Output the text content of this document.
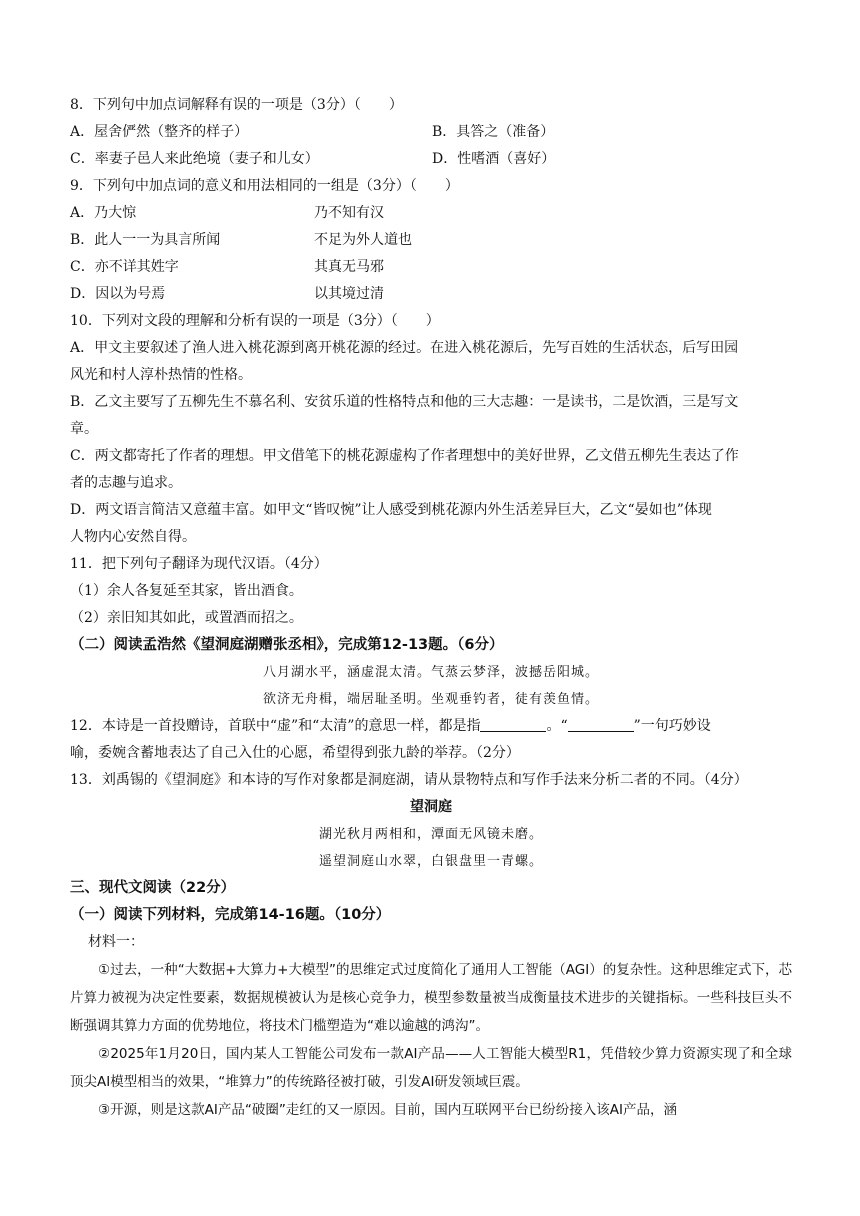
8．下列句中加点词解释有误的一项是（3分）（　　）
A．屋舍俨然（整齐的样子）	B．具答之（准备）
C．率妻子邑人来此绝境（妻子和儿女）	D．性嗜酒（喜好）
9．下列句中加点词的意义和用法相同的一组是（3分）（　　）
A．乃大惊	乃不知有汉
B．此人一一为具言所闻	不足为外人道也
C．亦不详其姓字	其真无马邪
D．因以为号焉	以其境过清
10．下列对文段的理解和分析有误的一项是（3分）（　　）
A．甲文主要叙述了渔人进入桃花源到离开桃花源的经过。在进入桃花源后，先写百姓的生活状态，后写田园
风光和村人淳朴热情的性格。
B．乙文主要写了五柳先生不慕名利、安贫乐道的性格特点和他的三大志趣：一是读书，二是饮酒，三是写文
章。
C．两文都寄托了作者的理想。甲文借笔下的桃花源虚构了作者理想中的美好世界，乙文借五柳先生表达了作
者的志趣与追求。
D．两文语言简洁又意蕴丰富。如甲文“皆叹惋”让人感受到桃花源内外生活差异巨大，乙文“晏如也”体现
人物内心安然自得。
11．把下列句子翻译为现代汉语。（4分）
（1）余人各复延至其家，皆出酒食。
（2）亲旧知其如此，或置酒而招之。
（二）阅读孟浩然《望洞庭湖赠张丞相》，完成第12-13题。（6分）
八月湖水平，涵虚混太清。气蒸云梦泽，波撼岳阳城。
欲济无舟楫，端居耻圣明。坐观垂钓者，徒有羡鱼情。
12．本诗是一首投赠诗，首联中“虚”和“太清”的意思一样，都是指	。“	”一句巧妙设
喻，委婉含蓄地表达了自己入仕的心愿，希望得到张九龄的举荐。（2分）
13．刘禹锡的《望洞庭》和本诗的写作对象都是洞庭湖，请从景物特点和写作手法来分析二者的不同。（4分）
望洞庭
湖光秋月两相和，潭面无风镜未磨。
遥望洞庭山水翠，白银盘里一青螺。
三、现代文阅读（22分）
（一）阅读下列材料，完成第14-16题。（10分）
材料一：
①过去，一种“大数据+大算力+大模型”的思维定式过度简化了通用人工智能（AGI）的复杂性。这种思维定式下，芯片算力被视为决定性要素，数据规模被认为是核心竞争力，模型参数量被当成衡量技术进步的关键指标。一些科技巨头不断强调其算力方面的优势地位，将技术门槛塑造为“难以逾越的鸿沟”。
②2025年1月20日，国内某人工智能公司发布一款AI产品——人工智能大模型R1，凭借较少算力资源实现了和全球顶尖AI模型相当的效果，“堆算力”的传统路径被打破，引发AI研发领域巨震。
③开源，则是这款AI产品“破圈”走红的又一原因。目前，国内互联网平台已纷纷接入该AI产品，涵
